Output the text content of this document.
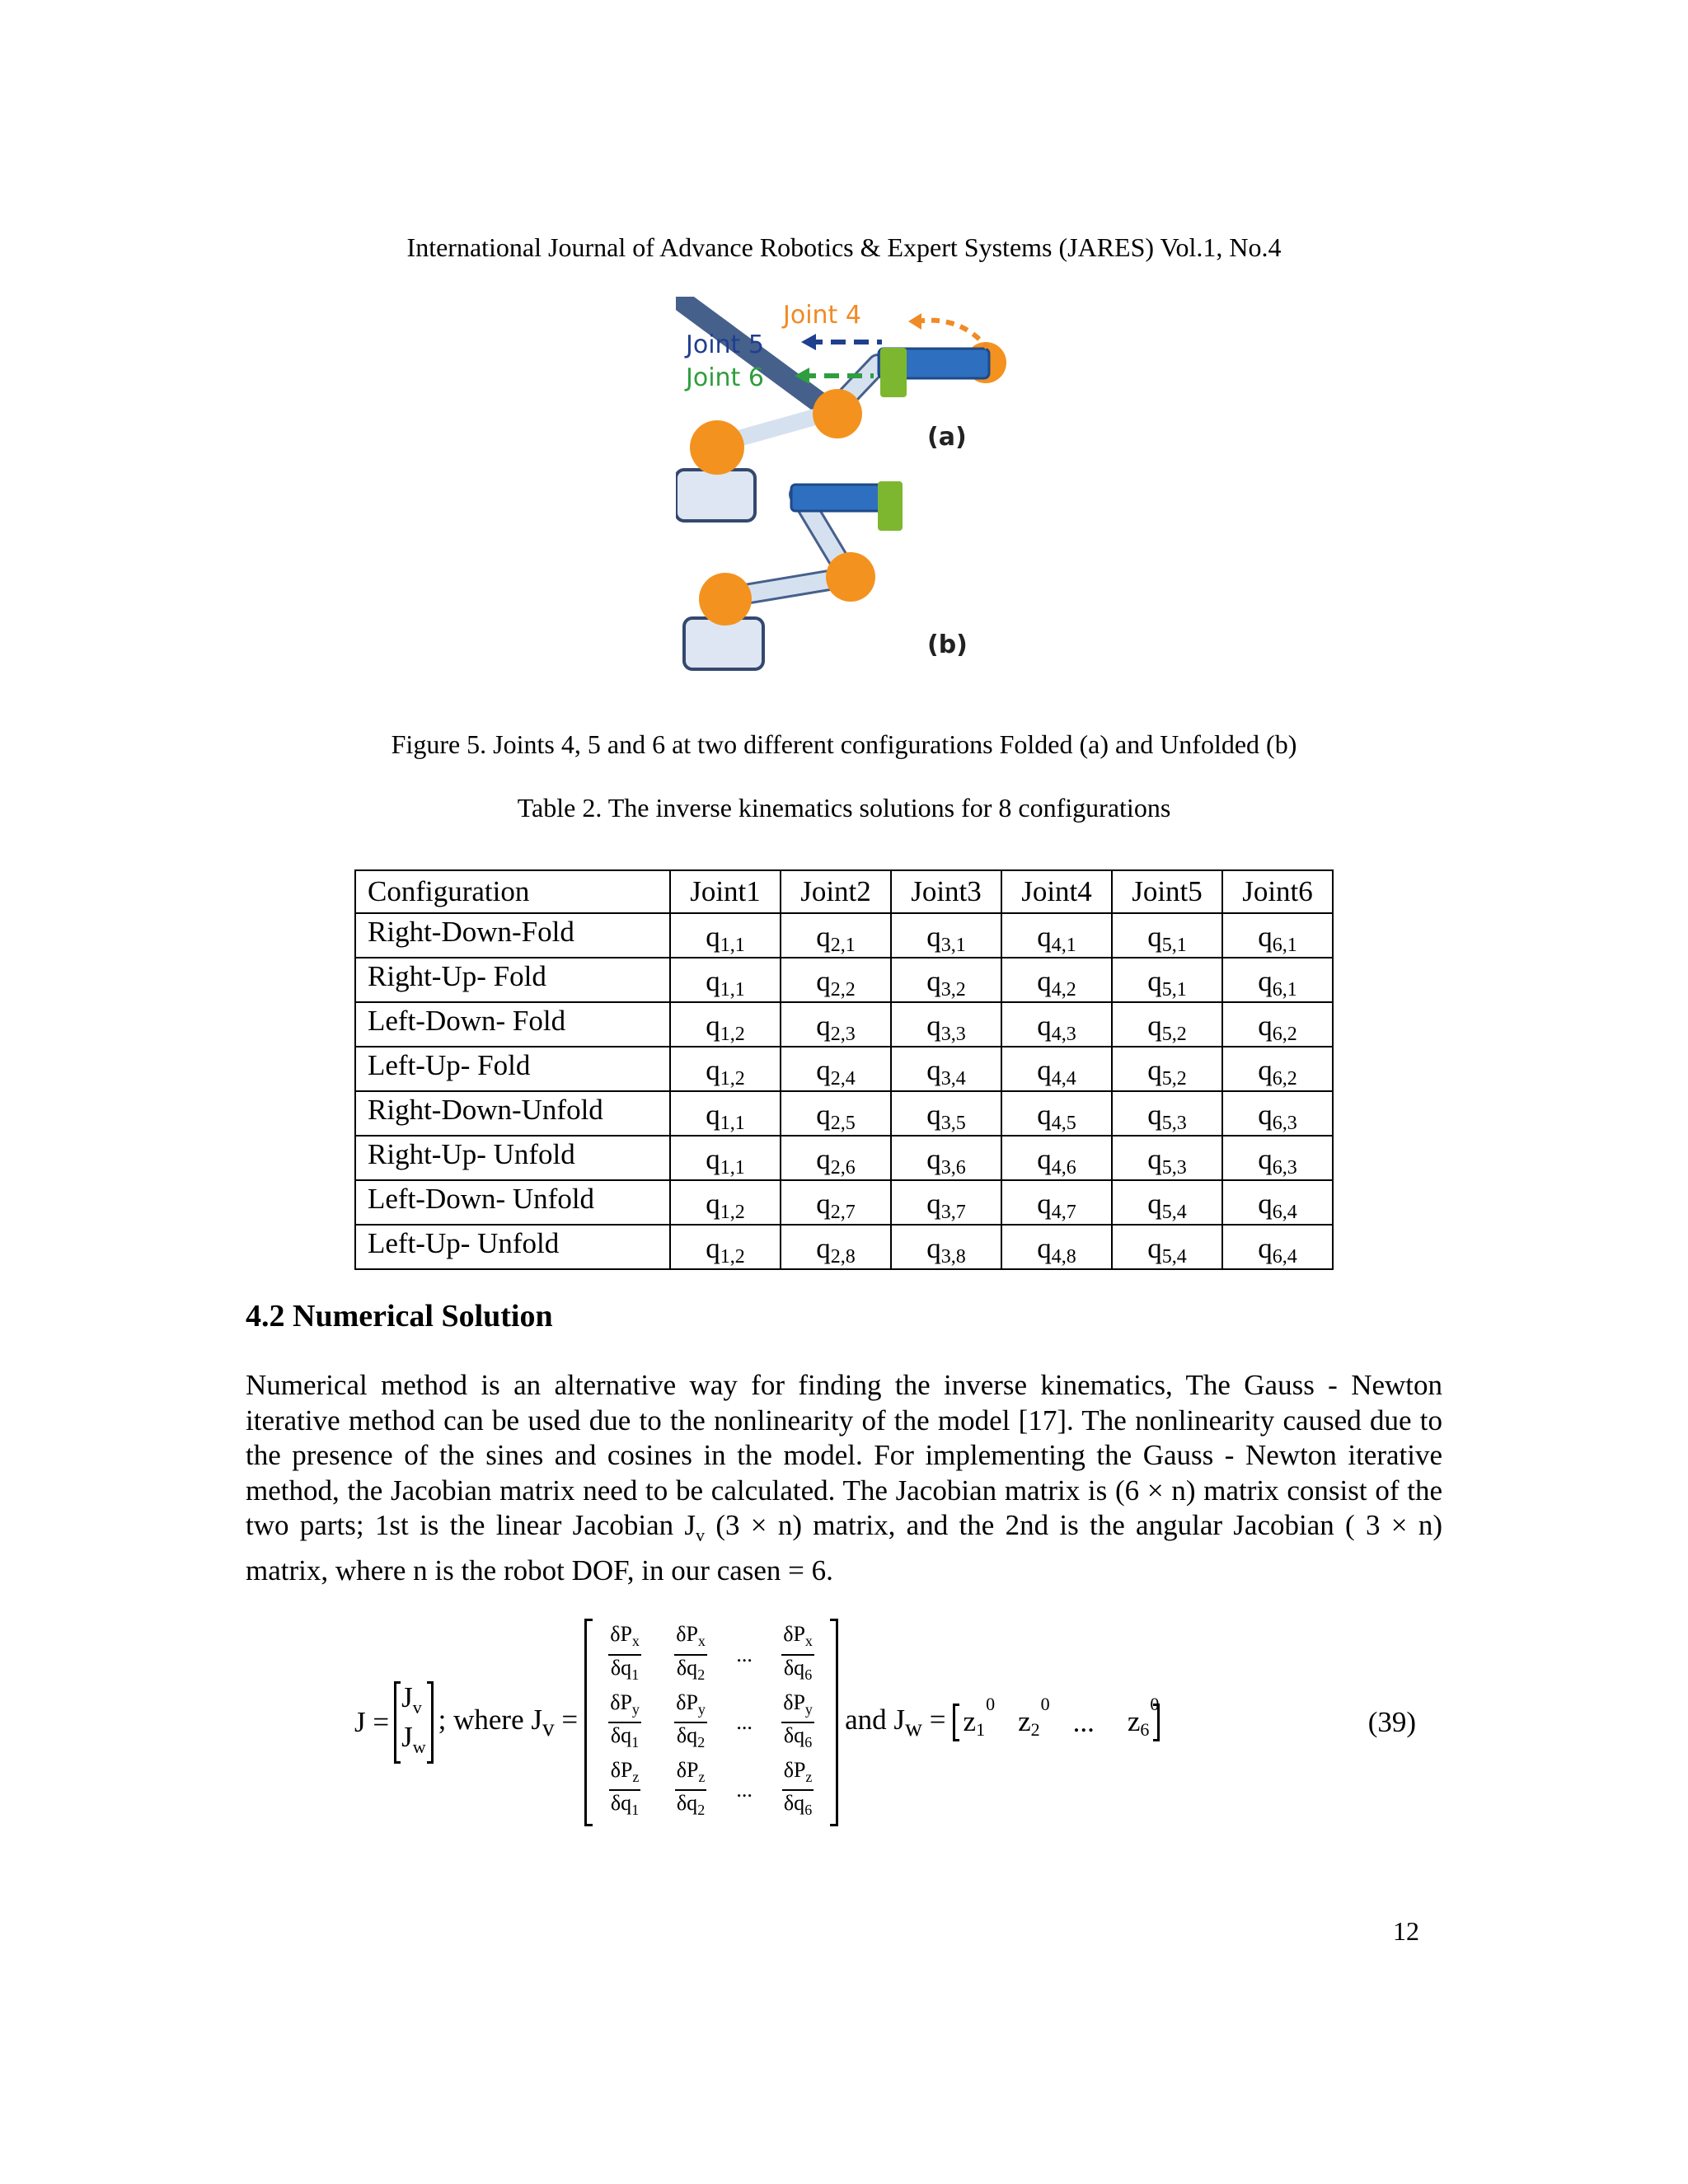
International Journal of Advance Robotics & Expert Systems (JARES) Vol.1, No.4
Joint 4
Joint 5
Joint 6
(a)
(b)
Figure 5. Joints 4, 5 and 6 at two different configurations Folded (a) and Unfolded (b)
Table 2. The inverse kinematics solutions for 8 configurations
Configuration	Joint1	Joint2	Joint3	Joint4	Joint5	Joint6
Right-Down-Fold	$q_{1,1}$	$q_{2,1}$	$q_{3,1}$	$q_{4,1}$	$q_{5,1}$	$q_{6,1}$
Right-Up- Fold	$q_{1,1}$	$q_{2,2}$	$q_{3,2}$	$q_{4,2}$	$q_{5,1}$	$q_{6,1}$
Left-Down- Fold	$q_{1,2}$	$q_{2,3}$	$q_{3,3}$	$q_{4,3}$	$q_{5,2}$	$q_{6,2}$
Left-Up- Fold	$q_{1,2}$	$q_{2,4}$	$q_{3,4}$	$q_{4,4}$	$q_{5,2}$	$q_{6,2}$
Right-Down-Unfold	$q_{1,1}$	$q_{2,5}$	$q_{3,5}$	$q_{4,5}$	$q_{5,3}$	$q_{6,3}$
Right-Up- Unfold	$q_{1,1}$	$q_{2,6}$	$q_{3,6}$	$q_{4,6}$	$q_{5,3}$	$q_{6,3}$
Left-Down- Unfold	$q_{1,2}$	$q_{2,7}$	$q_{3,7}$	$q_{4,7}$	$q_{5,4}$	$q_{6,4}$
Left-Up- Unfold	$q_{1,2}$	$q_{2,8}$	$q_{3,8}$	$q_{4,8}$	$q_{5,4}$	$q_{6,4}$
4.2 Numerical Solution

Numerical method is an alternative way for finding the inverse kinematics, The Gauss - Newton iterative method can be used due to the nonlinearity of the model [17]. The nonlinearity caused due to the presence of the sines and cosines in the model. For implementing the Gauss - Newton iterative method, the Jacobian matrix need to be calculated. The Jacobian matrix is (6 × n) matrix consist of the two parts; 1st is the linear Jacobian $J_v$ (3 × n) matrix, and the 2nd is the angular Jacobian ( 3 × n) matrix, where n is the robot DOF, in our casen = 6.

J =
$J_v$
$J_w$
; where $J_v$ =
$\frac{\delta P_x}{\delta q_1} \frac{\delta P_x}{\delta q_2}$ ... $\frac{\delta P_x}{\delta q_6}$
$\frac{\delta P_y}{\delta q_1} \frac{\delta P_y}{\delta q_2}$ ... $\frac{\delta P_y}{\delta q_6}$
$\frac{\delta P_z}{\delta q_1} \frac{\delta P_z}{\delta q_2}$ ... $\frac{\delta P_z}{\delta q_6}$
and $J_w = z1$
0
z2
0
... z6
0
(39)
12
